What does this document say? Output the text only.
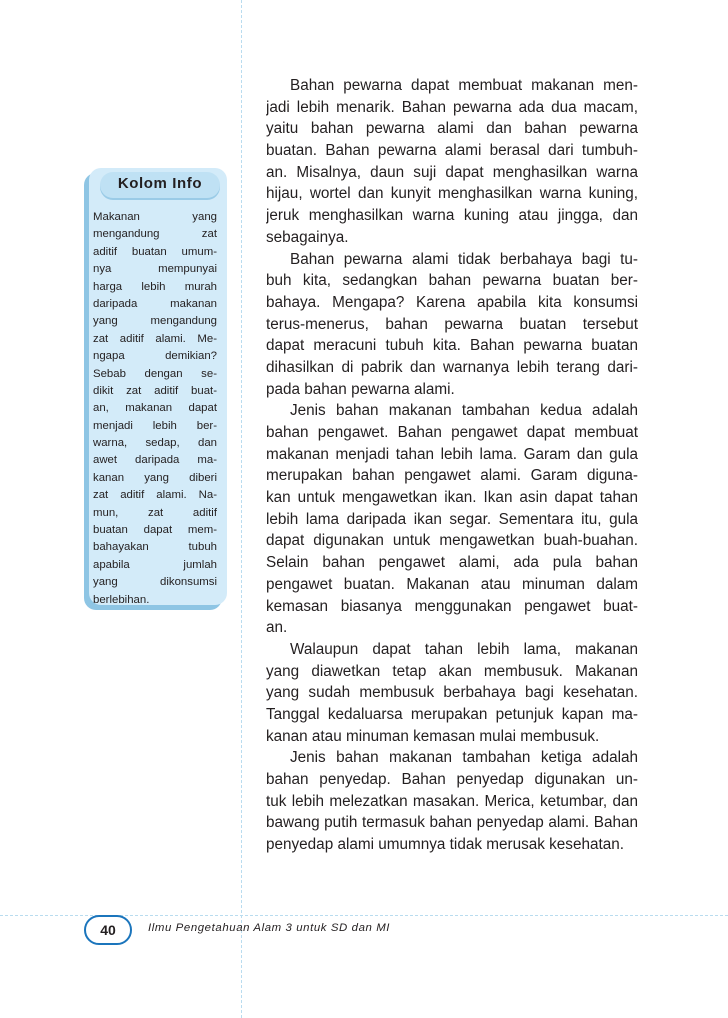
Kolom Info
Makanan yang
mengandung zat
aditif buatan umum-
nya mempunyai
harga lebih murah
daripada makanan
yang mengandung
zat aditif alami. Me-
ngapa demikian?
Sebab dengan se-
dikit zat aditif buat-
an, makanan dapat
menjadi lebih ber-
warna, sedap, dan
awet daripada ma-
kanan yang diberi
zat aditif alami. Na-
mun, zat aditif
buatan dapat mem-
bahayakan tubuh
apabila jumlah
yang dikonsumsi
berlebihan.
Bahan pewarna dapat membuat makanan men-
jadi lebih menarik. Bahan pewarna ada dua macam,
yaitu bahan pewarna alami dan bahan pewarna
buatan. Bahan pewarna alami berasal dari tumbuh-
an. Misalnya, daun suji dapat menghasilkan warna
hijau, wortel dan kunyit menghasilkan warna kuning,
jeruk menghasilkan warna kuning atau jingga, dan
sebagainya.
Bahan pewarna alami tidak berbahaya bagi tu-
buh kita, sedangkan bahan pewarna buatan ber-
bahaya. Mengapa? Karena apabila kita konsumsi
terus-menerus, bahan pewarna buatan tersebut
dapat meracuni tubuh kita. Bahan pewarna buatan
dihasilkan di pabrik dan warnanya lebih terang dari-
pada bahan pewarna alami.
Jenis bahan makanan tambahan kedua adalah
bahan pengawet. Bahan pengawet dapat membuat
makanan menjadi tahan lebih lama. Garam dan gula
merupakan bahan pengawet alami. Garam diguna-
kan untuk mengawetkan ikan. Ikan asin dapat tahan
lebih lama daripada ikan segar. Sementara itu, gula
dapat digunakan untuk mengawetkan buah-buahan.
Selain bahan pengawet alami, ada pula bahan
pengawet buatan. Makanan atau minuman dalam
kemasan biasanya menggunakan pengawet buat-
an.
Walaupun dapat tahan lebih lama, makanan
yang diawetkan tetap akan membusuk. Makanan
yang sudah membusuk berbahaya bagi kesehatan.
Tanggal kedaluarsa merupakan petunjuk kapan ma-
kanan atau minuman kemasan mulai membusuk.
Jenis bahan makanan tambahan ketiga adalah
bahan penyedap. Bahan penyedap digunakan un-
tuk lebih melezatkan masakan. Merica, ketumbar, dan
bawang putih termasuk bahan penyedap alami. Bahan
penyedap alami umumnya tidak merusak kesehatan.
40	Ilmu Pengetahuan Alam 3 untuk SD dan MI
